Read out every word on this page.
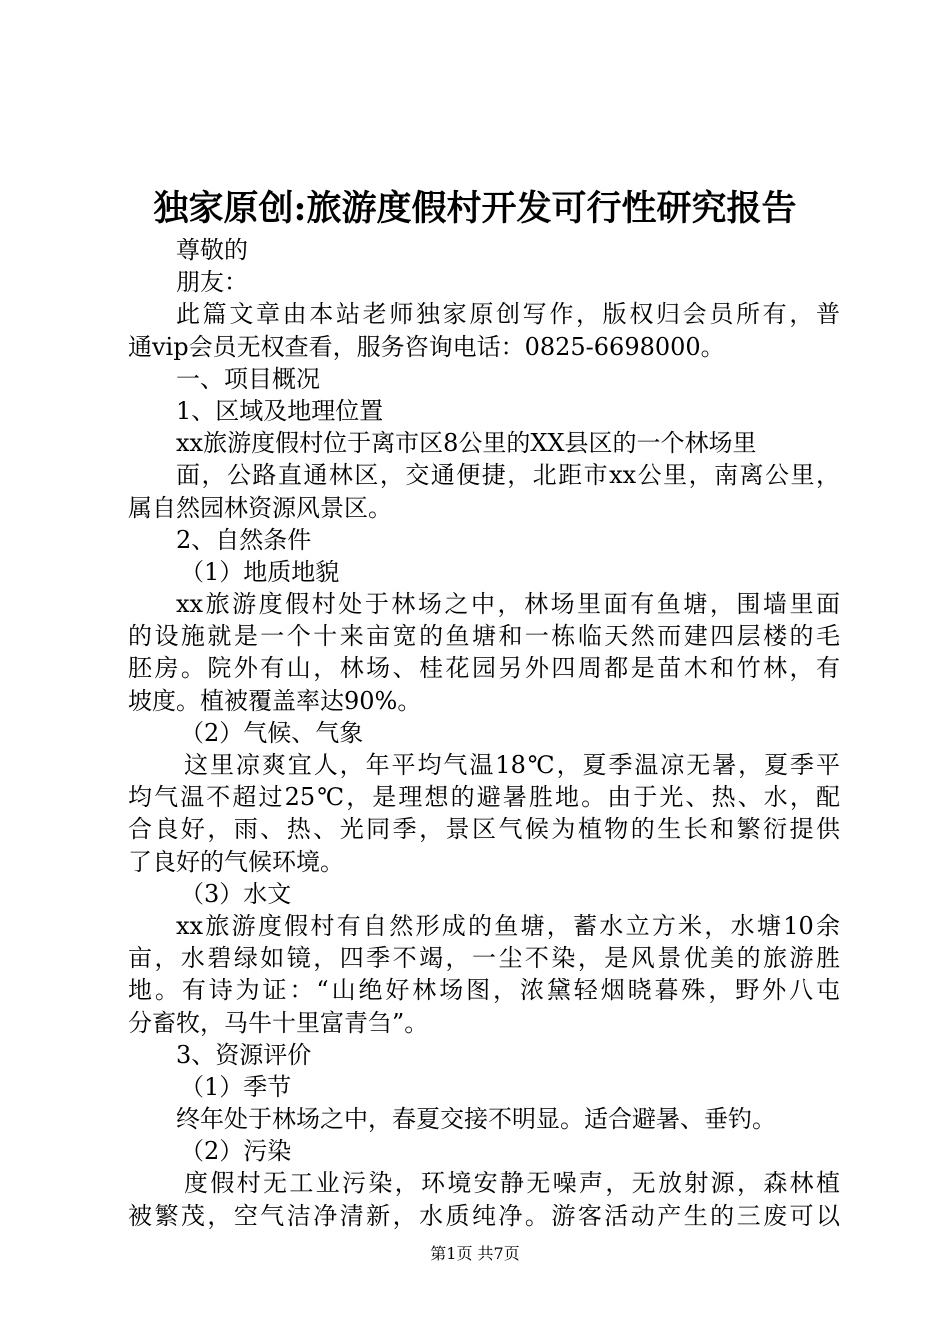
独家原创:旅游度假村开发可行性研究报告
尊敬的
朋友：
此篇文章由本站老师独家原创写作，版权归会员所有，普
通vip会员无权查看，服务咨询电话：0825-6698000。
一、项目概况
1、区域及地理位置
xx旅游度假村位于离市区8公里的XX县区的一个林场里
面，公路直通林区，交通便捷，北距市xx公里，南离公里，
属自然园林资源风景区。
2、自然条件
（1）地质地貌
xx旅游度假村处于林场之中，林场里面有鱼塘，围墙里面
的设施就是一个十来亩宽的鱼塘和一栋临天然而建四层楼的毛
胚房。院外有山，林场、桂花园另外四周都是苗木和竹林，有
坡度。植被覆盖率达90%。
（2）气候、气象
这里凉爽宜人，年平均气温18℃，夏季温凉无暑，夏季平
均气温不超过25℃，是理想的避暑胜地。由于光、热、水，配
合良好，雨、热、光同季，景区气候为植物的生长和繁衍提供
了良好的气候环境。
（3）水文
xx旅游度假村有自然形成的鱼塘，蓄水立方米，水塘10余
亩，水碧绿如镜，四季不竭，一尘不染，是风景优美的旅游胜
地。有诗为证：“山绝好林场图，浓黛轻烟晓暮殊，野外八屯
分畜牧，马牛十里富青刍”。
3、资源评价
（1）季节
终年处于林场之中，春夏交接不明显。适合避暑、垂钓。
（2）污染
度假村无工业污染，环境安静无噪声，无放射源，森林植
被繁茂，空气洁净清新，水质纯净。游客活动产生的三废可以
第1页 共7页
